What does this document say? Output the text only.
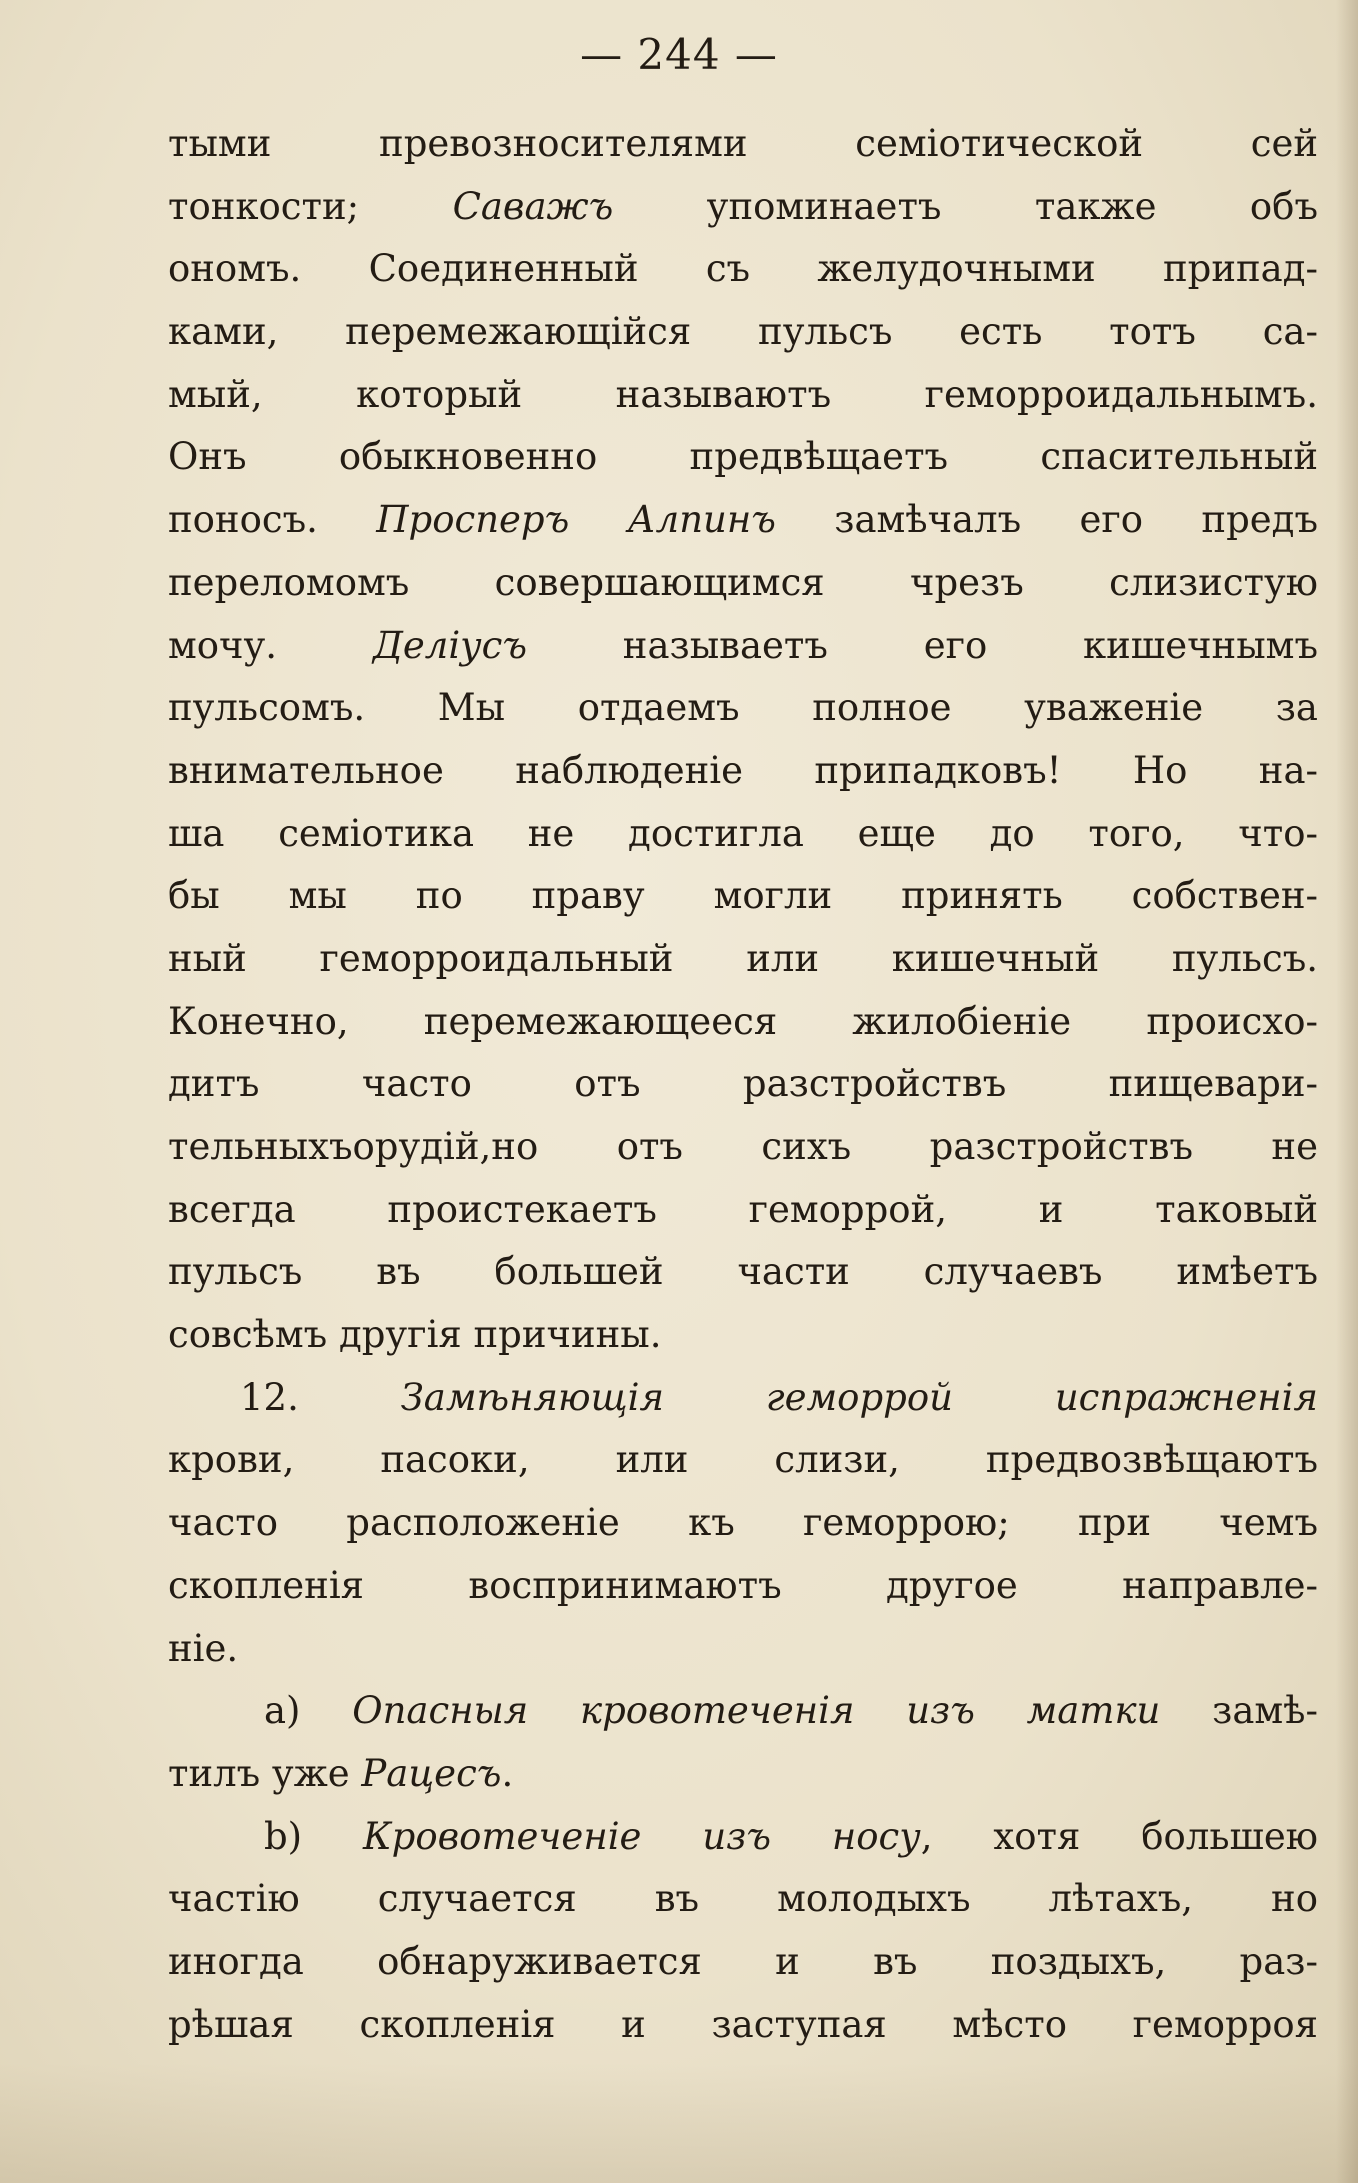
— 244 —
тыми превозносителями семіотической сей
тонкости; Саважъ упоминаетъ также объ
ономъ. Соединенный съ желудочными припад-
ками, перемежающійся пульсъ есть тотъ са-
мый, который называютъ геморроидальнымъ.
Онъ обыкновенно предвѣщаетъ спасительный
поносъ. Просперъ Алпинъ замѣчалъ его предъ
переломомъ совершающимся чрезъ слизистую
мочу. Деліусъ называетъ его кишечнымъ
пульсомъ. Мы отдаемъ полное уваженіе за
внимательное наблюденіе припадковъ! Но на-
ша семіотика не достигла еще до того, что-
бы мы по праву могли принять собствен-
ный геморроидальный или кишечный пульсъ.
Конечно, перемежающееся жилобіеніе происхо-
дитъ часто отъ разстройствъ пищевари-
тельныхъорудій,но отъ сихъ разстройствъ не
всегда проистекаетъ геморрой, и таковый
пульсъ въ большей части случаевъ имѣетъ
совсѣмъ другія причины.
12. Замѣняющія геморрой испражненія
крови, пасоки, или слизи, предвозвѣщаютъ
часто расположеніе къ геморрою; при чемъ
скопленія воспринимаютъ другое направле-
ніе.
a) Опасныя кровотеченія изъ матки замѣ-
тилъ уже Рацесъ.
b) Кровотеченіе изъ носу, хотя большею
частію случается въ молодыхъ лѣтахъ, но
иногда обнаруживается и въ поздыхъ, раз-
рѣшая скопленія и заступая мѣсто геморроя
